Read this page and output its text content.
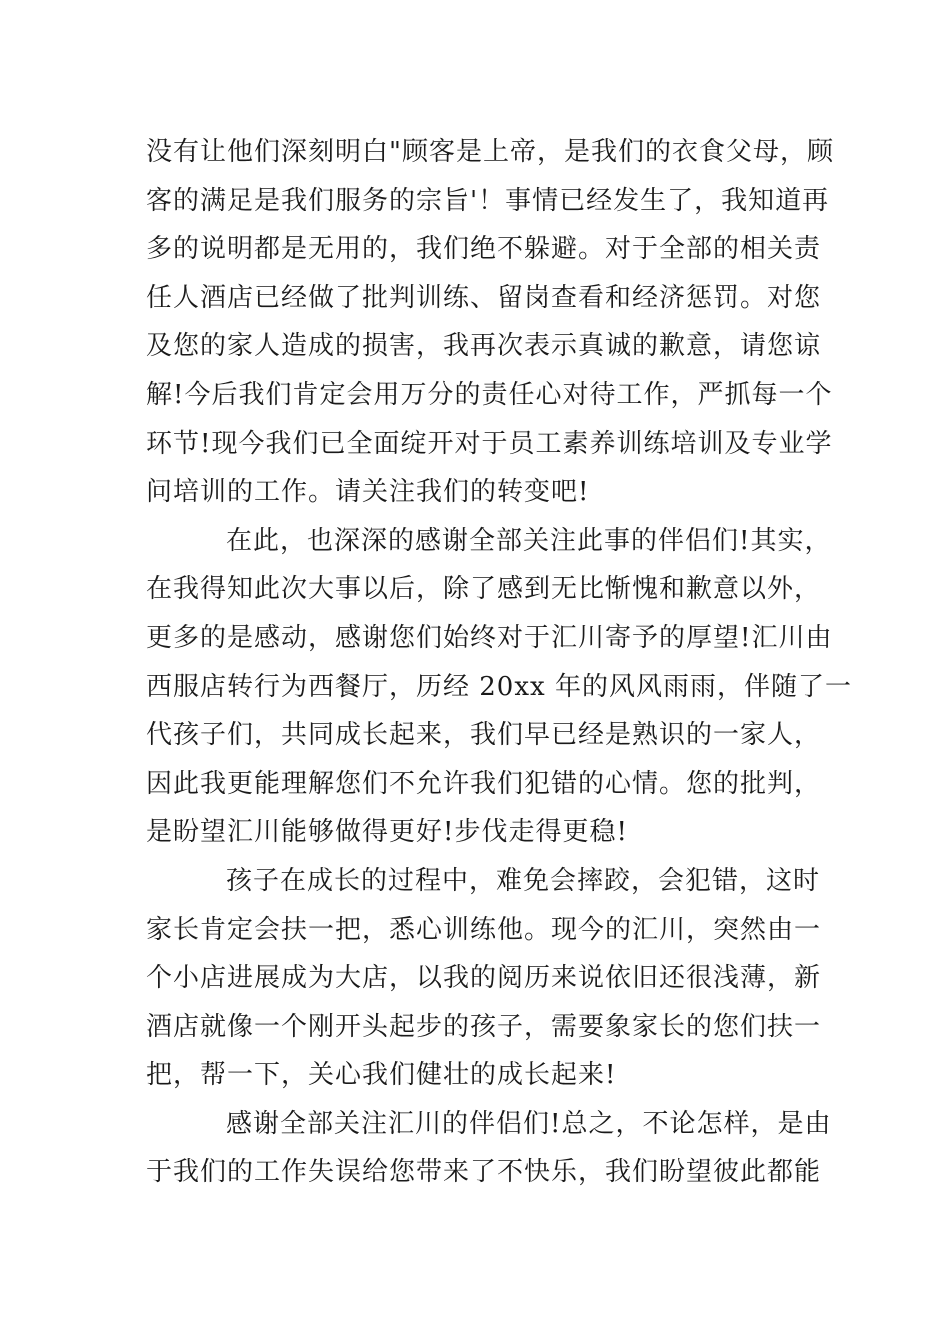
没有让他们深刻明白"顾客是上帝，是我们的衣食父母，顾
客的满足是我们服务的宗旨'！事情已经发生了，我知道再
多的说明都是无用的，我们绝不躲避。对于全部的相关责
任人酒店已经做了批判训练、留岗查看和经济惩罚。对您
及您的家人造成的损害，我再次表示真诚的歉意，请您谅
解!今后我们肯定会用万分的责任心对待工作，严抓每一个
环节!现今我们已全面绽开对于员工素养训练培训及专业学
问培训的工作。请关注我们的转变吧!

在此，也深深的感谢全部关注此事的伴侣们!其实，
在我得知此次大事以后，除了感到无比惭愧和歉意以外，
更多的是感动，感谢您们始终对于汇川寄予的厚望!汇川由
西服店转行为西餐厅，历经 20xx 年的风风雨雨，伴随了一
代孩子们，共同成长起来，我们早已经是熟识的一家人，
因此我更能理解您们不允许我们犯错的心情。您的批判，
是盼望汇川能够做得更好!步伐走得更稳!

孩子在成长的过程中，难免会摔跤，会犯错，这时
家长肯定会扶一把，悉心训练他。现今的汇川，突然由一
个小店进展成为大店，以我的阅历来说依旧还很浅薄，新
酒店就像一个刚开头起步的孩子，需要象家长的您们扶一
把，帮一下，关心我们健壮的成长起来!

感谢全部关注汇川的伴侣们!总之，不论怎样，是由
于我们的工作失误给您带来了不快乐，我们盼望彼此都能
